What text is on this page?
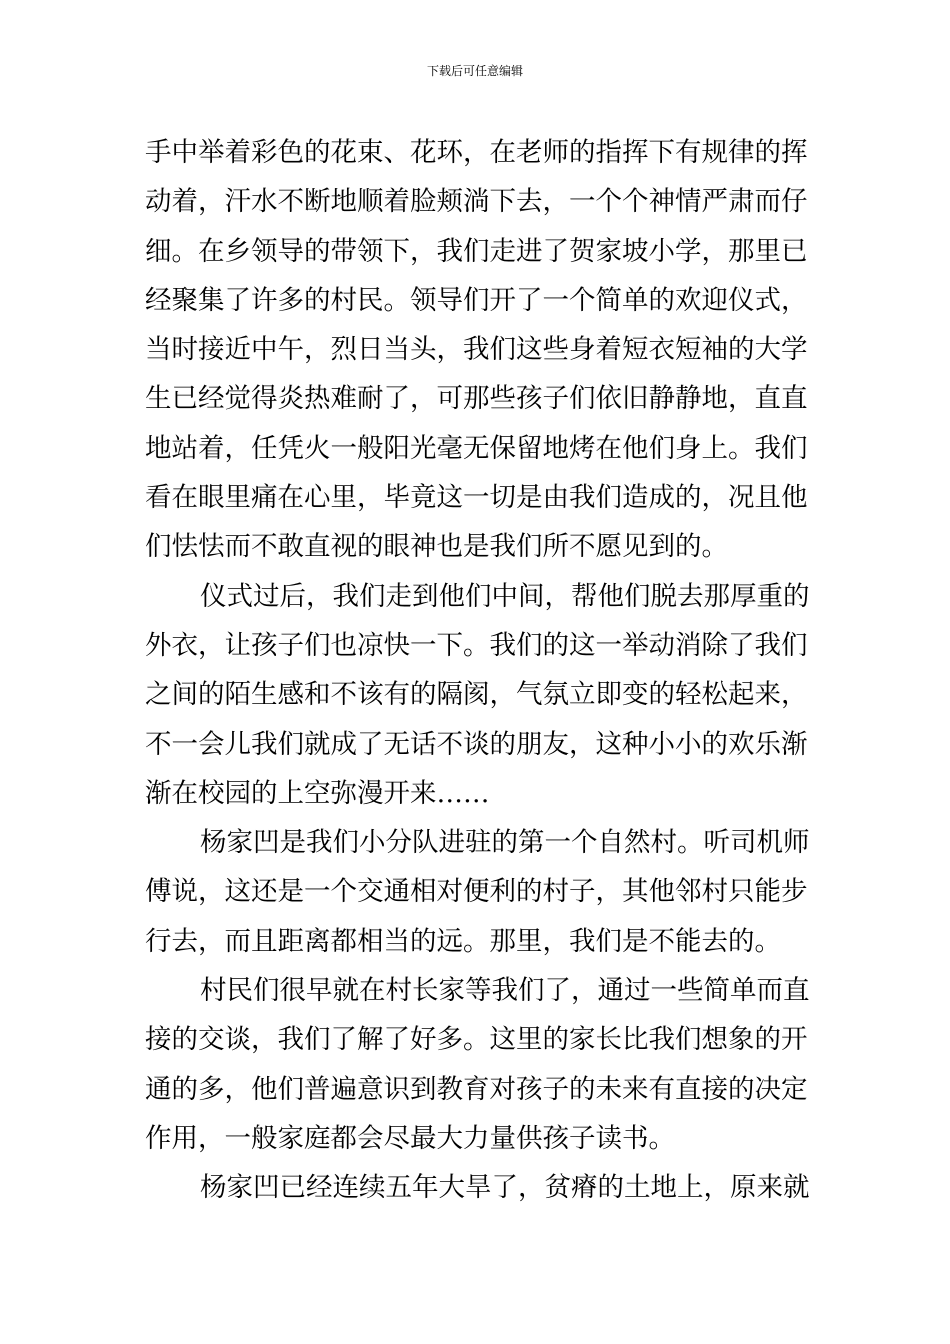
下载后可任意编辑
手中举着彩色的花束、花环，在老师的指挥下有规律的挥
动着，汗水不断地顺着脸颊淌下去，一个个神情严肃而仔
细。在乡领导的带领下，我们走进了贺家坡小学，那里已
经聚集了许多的村民。领导们开了一个简单的欢迎仪式，
当时接近中午，烈日当头，我们这些身着短衣短袖的大学
生已经觉得炎热难耐了，可那些孩子们依旧静静地，直直
地站着，任凭火一般阳光毫无保留地烤在他们身上。我们
看在眼里痛在心里，毕竟这一切是由我们造成的，况且他
们怯怯而不敢直视的眼神也是我们所不愿见到的。
仪式过后，我们走到他们中间，帮他们脱去那厚重的
外衣，让孩子们也凉快一下。我们的这一举动消除了我们
之间的陌生感和不该有的隔阂，气氛立即变的轻松起来，
不一会儿我们就成了无话不谈的朋友，这种小小的欢乐渐
渐在校园的上空弥漫开来……
杨家凹是我们小分队进驻的第一个自然村。听司机师
傅说，这还是一个交通相对便利的村子，其他邻村只能步
行去，而且距离都相当的远。那里，我们是不能去的。
村民们很早就在村长家等我们了，通过一些简单而直
接的交谈，我们了解了好多。这里的家长比我们想象的开
通的多，他们普遍意识到教育对孩子的未来有直接的决定
作用，一般家庭都会尽最大力量供孩子读书。
杨家凹已经连续五年大旱了，贫瘠的土地上，原来就
